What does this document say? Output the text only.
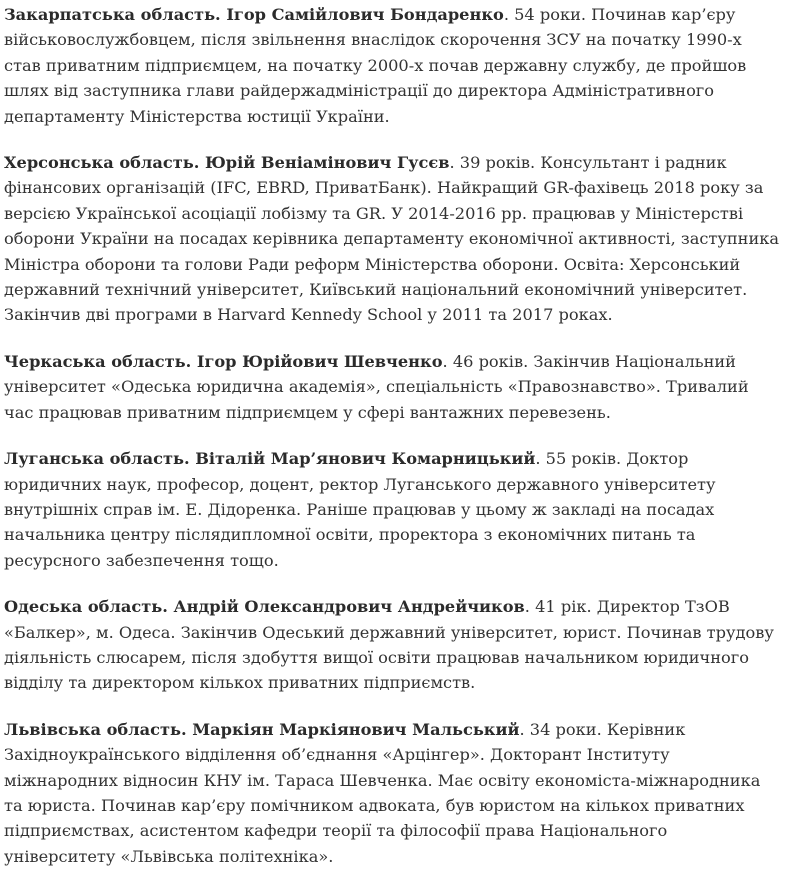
Закарпатська область. Ігор Самійлович Бондаренко. 54 роки. Починав кар’єру військовослужбовцем, після звільнення внаслідок скорочення ЗСУ на початку 1990-х став приватним підприємцем, на початку 2000-х почав державну службу, де пройшов шлях від заступника глави райдержадміністрації до директора Адміністративного департаменту Міністерства юстиції України.

Херсонська область. Юрій Веніамінович Гусєв. 39 років. Консультант і радник фінансових організацій (IFC, EBRD, ПриватБанк). Найкращий GR-фахівець 2018 року за версією Української асоціації лобізму та GR. У 2014-2016 рр. працював у Міністерстві оборони України на посадах керівника департаменту економічної активності, заступника Міністра оборони та голови Ради реформ Міністерства оборони. Освіта: Херсонський державний технічний університет, Київський національний економічний університет. Закінчив дві програми в Harvard Kennedy School у 2011 та 2017 роках.

Черкаська область. Ігор Юрійович Шевченко. 46 років. Закінчив Національний університет «Одеська юридична академія», спеціальність «Правознавство». Тривалий час працював приватним підприємцем у сфері вантажних перевезень.

Луганська область. Віталій Мар’янович Комарницький. 55 років. Доктор юридичних наук, професор, доцент, ректор Луганського державного університету внутрішніх справ ім. Е. Дідоренка. Раніше працював у цьому ж закладі на посадах начальника центру післядипломної освіти, проректора з економічних питань та ресурсного забезпечення тощо.

Одеська область. Андрій Олександрович Андрейчиков. 41 рік. Директор ТзОВ «Балкер», м. Одеса. Закінчив Одеський державний університет, юрист. Починав трудову діяльність слюсарем, після здобуття вищої освіти працював начальником юридичного відділу та директором кількох приватних підприємств.

Львівська область. Маркіян Маркіянович Мальський. 34 роки. Керівник Західноукраїнського відділення об’єднання «Арцінгер». Докторант Інституту міжнародних відносин КНУ ім. Тараса Шевченка. Має освіту економіста-міжнародника та юриста. Починав кар’єру помічником адвоката, був юристом на кількох приватних підприємствах, асистентом кафедри теорії та філософії права Національного університету «Львівська політехніка».
